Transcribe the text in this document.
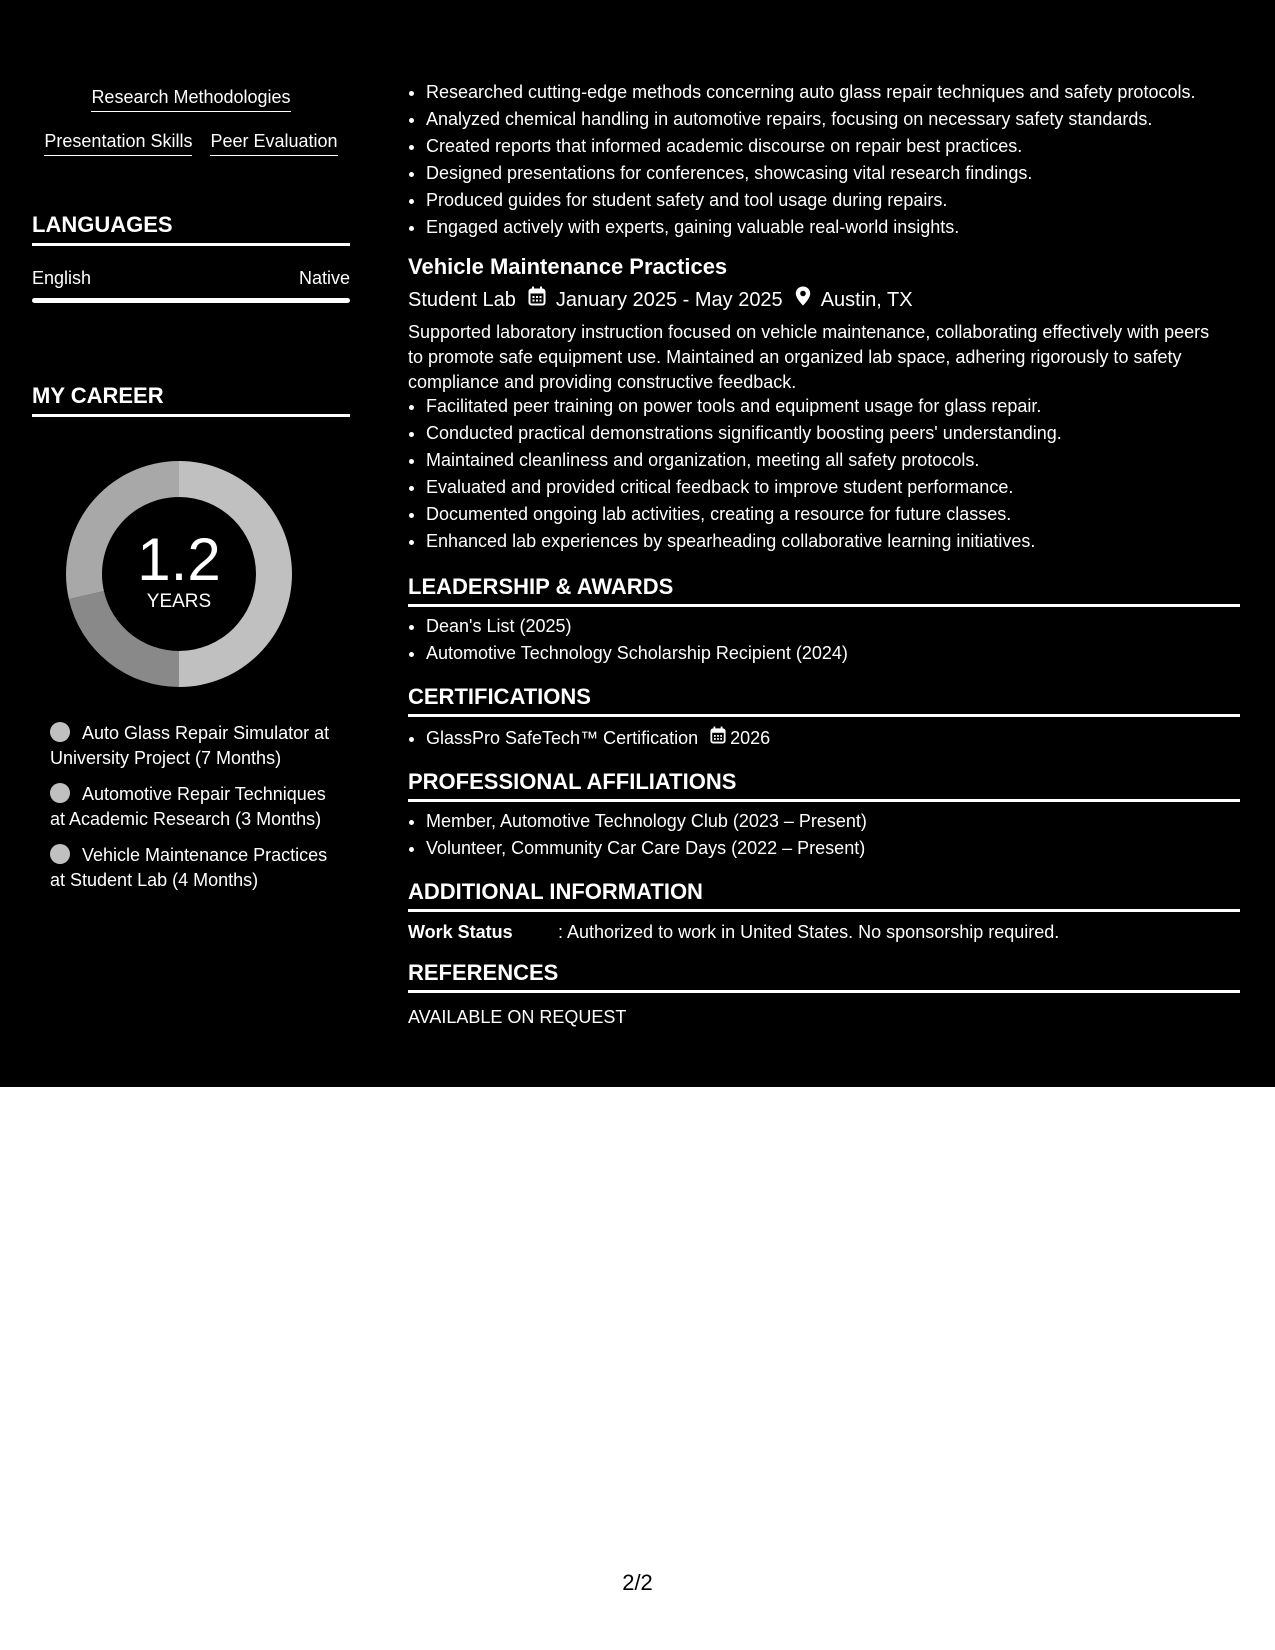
Research Methodologies
Presentation Skills Peer Evaluation
LANGUAGES
English	Native
MY CAREER
1.2
YEARS
Auto Glass Repair Simulator at University Project (7 Months)
Automotive Repair Techniques at Academic Research (3 Months)
Vehicle Maintenance Practices at Student Lab (4 Months)
• Researched cutting-edge methods concerning auto glass repair techniques and safety protocols.
• Analyzed chemical handling in automotive repairs, focusing on necessary safety standards.
• Created reports that informed academic discourse on repair best practices.
• Designed presentations for conferences, showcasing vital research findings.
• Produced guides for student safety and tool usage during repairs.
• Engaged actively with experts, gaining valuable real-world insights.
Vehicle Maintenance Practices
Student Lab January 2025 - May 2025 Austin, TX
Supported laboratory instruction focused on vehicle maintenance, collaborating effectively with peers to promote safe equipment use. Maintained an organized lab space, adhering rigorously to safety compliance and providing constructive feedback.
• Facilitated peer training on power tools and equipment usage for glass repair.
• Conducted practical demonstrations significantly boosting peers' understanding.
• Maintained cleanliness and organization, meeting all safety protocols.
• Evaluated and provided critical feedback to improve student performance.
• Documented ongoing lab activities, creating a resource for future classes.
• Enhanced lab experiences by spearheading collaborative learning initiatives.
LEADERSHIP & AWARDS
• Dean's List (2025)
• Automotive Technology Scholarship Recipient (2024)
CERTIFICATIONS
• GlassPro SafeTech™ Certification 2026
PROFESSIONAL AFFILIATIONS
• Member, Automotive Technology Club (2023 – Present)
• Volunteer, Community Car Care Days (2022 – Present)
ADDITIONAL INFORMATION
Work Status	: Authorized to work in United States. No sponsorship required.
REFERENCES
AVAILABLE ON REQUEST
2/2
